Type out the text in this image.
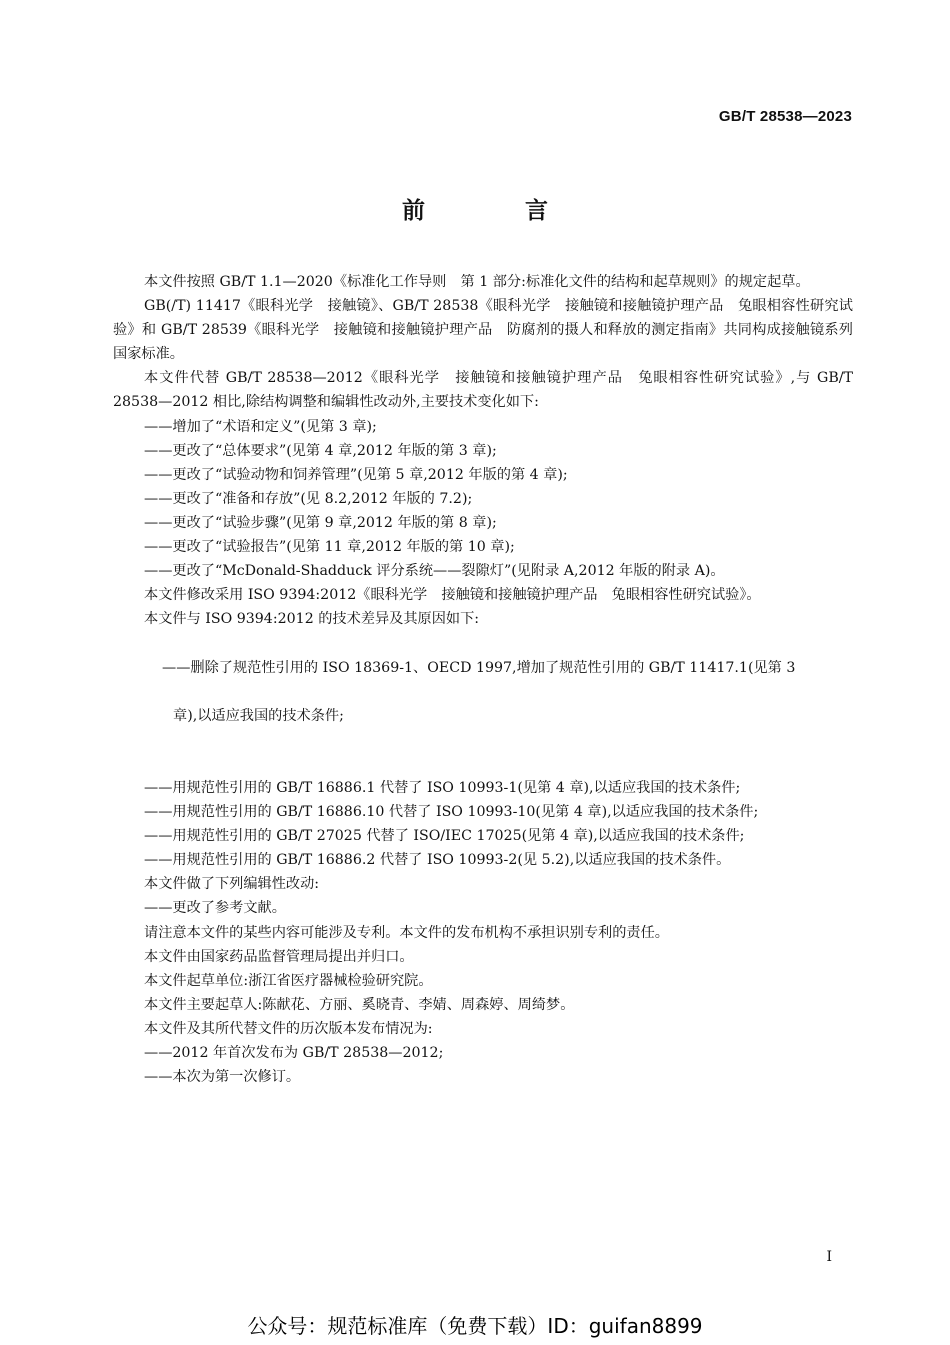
GB/T 28538—2023
前 言

本文件按照 GB/T 1.1—2020《标准化工作导则　第 1 部分:标准化文件的结构和起草规则》的规定起草。

GB(/T) 11417《眼科光学　接触镜》、GB/T 28538《眼科光学　接触镜和接触镜护理产品　兔眼相容性研究试验》和 GB/T 28539《眼科光学　接触镜和接触镜护理产品　防腐剂的摄人和释放的测定指南》共同构成接触镜系列国家标准。

本文件代替 GB/T 28538—2012《眼科光学　接触镜和接触镜护理产品　兔眼相容性研究试验》,与 GB/T 28538—2012 相比,除结构调整和编辑性改动外,主要技术变化如下:

——增加了“术语和定义”(见第 3 章);

——更改了“总体要求”(见第 4 章,2012 年版的第 3 章);

——更改了“试验动物和饲养管理”(见第 5 章,2012 年版的第 4 章);

——更改了“准备和存放”(见 8.2,2012 年版的 7.2);

——更改了“试验步骤”(见第 9 章,2012 年版的第 8 章);

——更改了“试验报告”(见第 11 章,2012 年版的第 10 章);

——更改了“McDonald-Shadduck 评分系统——裂隙灯”(见附录 A,2012 年版的附录 A)。

本文件修改采用 ISO 9394:2012《眼科光学　接触镜和接触镜护理产品　兔眼相容性研究试验》。

本文件与 ISO 9394:2012 的技术差异及其原因如下:

——删除了规范性引用的 ISO 18369-1、OECD 1997,增加了规范性引用的 GB/T 11417.1(见第 3

章),以适应我国的技术条件;

——用规范性引用的 GB/T 16886.1 代替了 ISO 10993-1(见第 4 章),以适应我国的技术条件;

——用规范性引用的 GB/T 16886.10 代替了 ISO 10993-10(见第 4 章),以适应我国的技术条件;

——用规范性引用的 GB/T 27025 代替了 ISO/IEC 17025(见第 4 章),以适应我国的技术条件;

——用规范性引用的 GB/T 16886.2 代替了 ISO 10993-2(见 5.2),以适应我国的技术条件。

本文件做了下列编辑性改动:

——更改了参考文献。

请注意本文件的某些内容可能涉及专利。本文件的发布机构不承担识别专利的责任。

本文件由国家药品监督管理局提出并归口。

本文件起草单位:浙江省医疗器械检验研究院。

本文件主要起草人:陈献花、方丽、奚晓青、李婧、周森婷、周绮梦。

本文件及其所代替文件的历次版本发布情况为:

——2012 年首次发布为 GB/T 28538—2012;

——本次为第一次修订。

I
公众号：规范标准库（免费下载）ID：guifan8899
